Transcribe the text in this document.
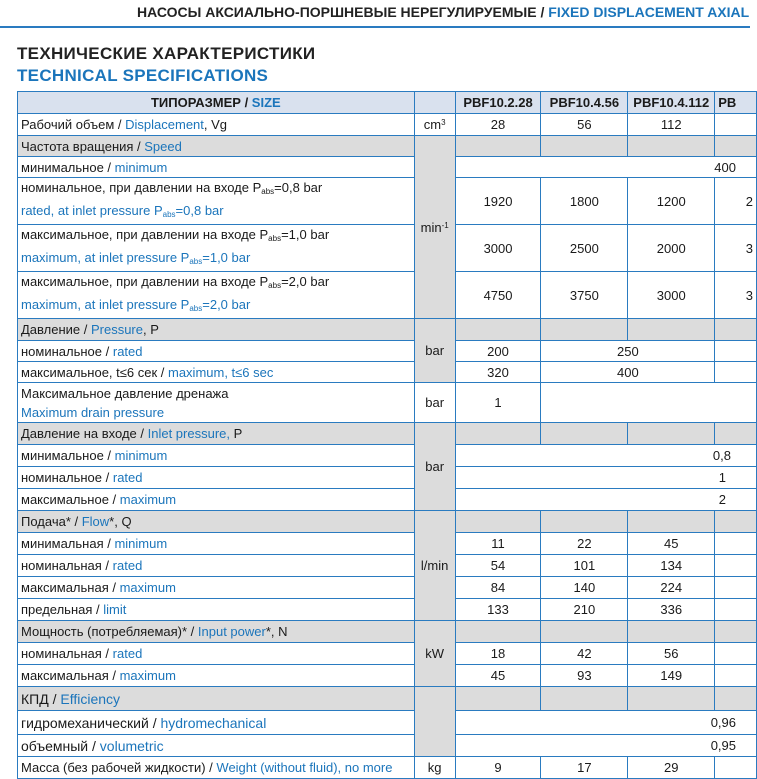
НАСОСЫ АКСИАЛЬНО-ПОРШНЕВЫЕ НЕРЕГУЛИРУЕМЫЕ / FIXED DISPLACEMENT AXIAL
ТЕХНИЧЕСКИЕ ХАРАКТЕРИСТИКИ
TECHNICAL SPECIFICATIONS
ТИПОРАЗМЕР / SIZE		PBF10.2.28	PBF10.4.56	PBF10.4.112	PB
Рабочий объем / Displacement, Vg	$cm^3$	28	56	112	
Частота вращения / Speed	$\min^{-1}$				
минимальное / minimum		400			
номинальное, при давлении на входе $P_{abs}=0,8$ bar
rated, at inlet pressure $P_{abs}=0,8$ bar		1920	1800	1200	2
максимальное, при давлении на входе $P_{abs}=1,0$ bar
maximum, at inlet pressure $P_{abs}=1,0$ bar		3000	2500	2000	3
максимальное, при давлении на входе $P_{abs}=2,0$ bar
maximum, at inlet pressure $P_{abs}=2,0$ bar		4750	3750	3000	3
Давление / Pressure, P	bar				
номинальное / rated		200	250		
максимальное, t≤6 сек / maximum, t≤6 sec		320	400		
Максимальное давление дренажа
Maximum drain pressure	bar	1			
Давление на входе / Inlet pressure, P	bar				
минимальное / minimum		0,8			
номинальное / rated		1			
максимальное / maximum		2			
Подача* / Flow*, Q	l/min				
минимальная / minimum		11	22	45	
номинальная / rated		54	101	134	
максимальная / maximum		84	140	224	
предельная / limit		133	210	336	
Мощность (потребляемая)* / Input power*, N	kW				
номинальная / rated		18	42	56	
максимальная / maximum		45	93	149	
КПД / Efficiency					
гидромеханический / hydromechanical		0,96			
объемный / volumetric		0,95			
Масса (без рабочей жидкости) / Weight (without fluid), no more	kg	9	17	29	
